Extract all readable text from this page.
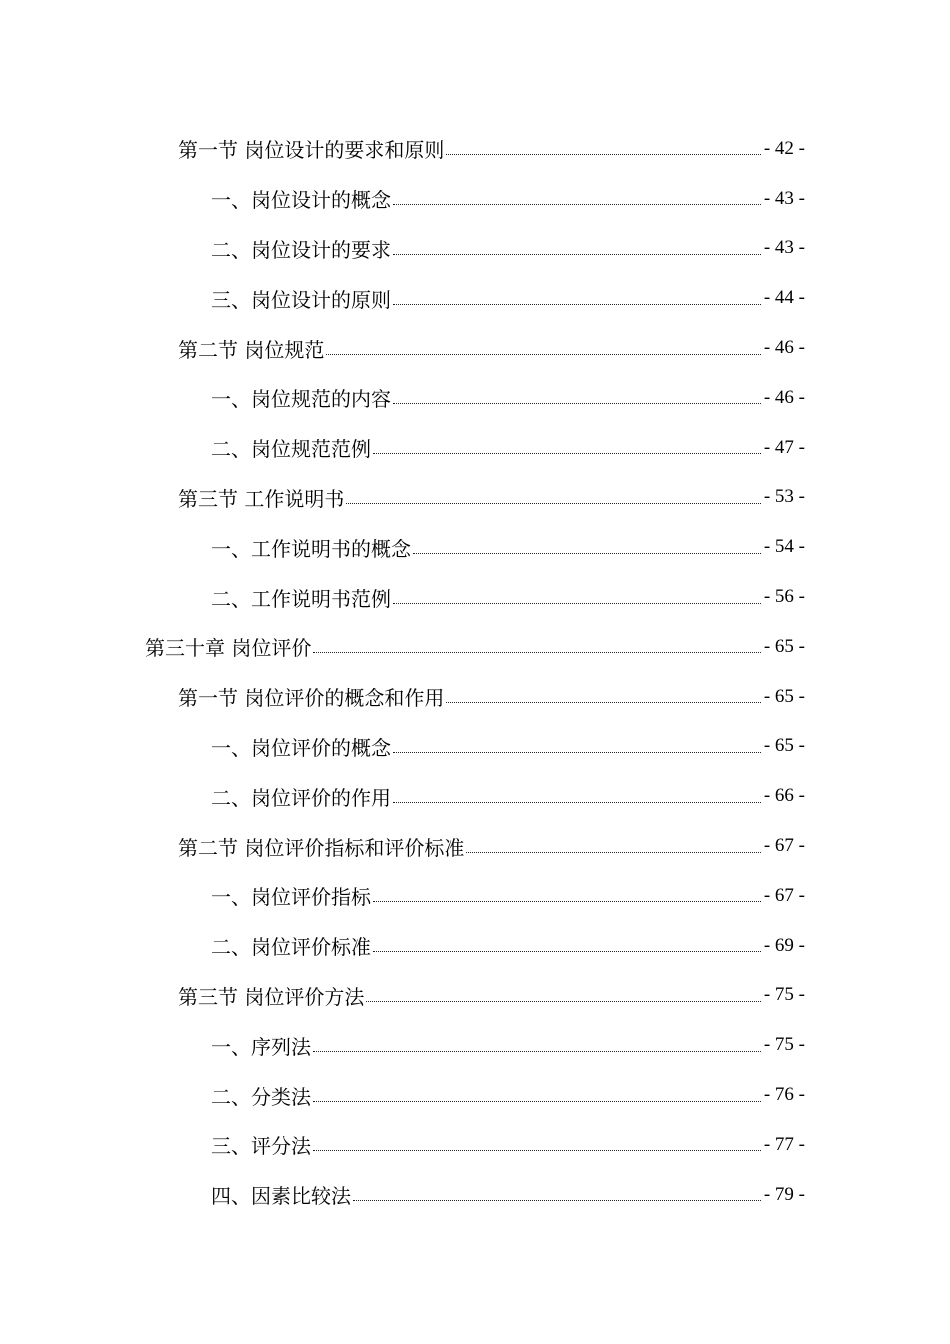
第一节 岗位设计的要求和原则	- 42 -
一、岗位设计的概念	- 43 -
二、岗位设计的要求	- 43 -
三、岗位设计的原则	- 44 -
第二节 岗位规范	- 46 -
一、岗位规范的内容	- 46 -
二、岗位规范范例	- 47 -
第三节 工作说明书	- 53 -
一、工作说明书的概念	- 54 -
二、工作说明书范例	- 56 -
第三十章 岗位评价	- 65 -
第一节 岗位评价的概念和作用	- 65 -
一、岗位评价的概念	- 65 -
二、岗位评价的作用	- 66 -
第二节 岗位评价指标和评价标准	- 67 -
一、岗位评价指标	- 67 -
二、岗位评价标准	- 69 -
第三节 岗位评价方法	- 75 -
一、序列法	- 75 -
二、分类法	- 76 -
三、评分法	- 77 -
四、因素比较法	- 79 -
